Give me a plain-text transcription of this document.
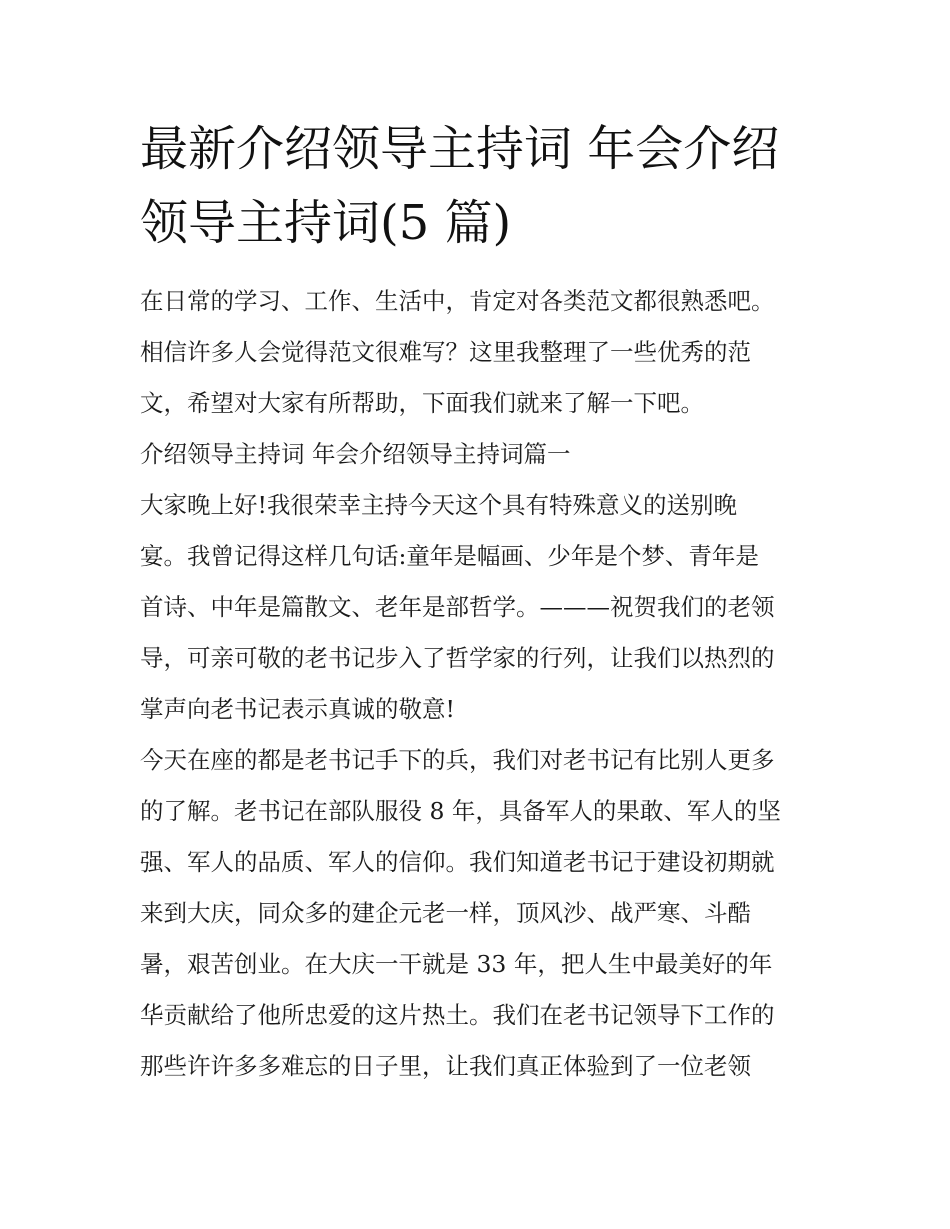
最新介绍领导主持词 年会介绍
领导主持词(5 篇)
在日常的学习、工作、生活中，肯定对各类范文都很熟悉吧。
相信许多人会觉得范文很难写？这里我整理了一些优秀的范
文，希望对大家有所帮助，下面我们就来了解一下吧。
介绍领导主持词 年会介绍领导主持词篇一
大家晚上好!我很荣幸主持今天这个具有特殊意义的送别晚
宴。我曾记得这样几句话:童年是幅画、少年是个梦、青年是
首诗、中年是篇散文、老年是部哲学。———祝贺我们的老领
导，可亲可敬的老书记步入了哲学家的行列，让我们以热烈的
掌声向老书记表示真诚的敬意!
今天在座的都是老书记手下的兵，我们对老书记有比别人更多
的了解。老书记在部队服役 8 年，具备军人的果敢、军人的坚
强、军人的品质、军人的信仰。我们知道老书记于建设初期就
来到大庆，同众多的建企元老一样，顶风沙、战严寒、斗酷
暑，艰苦创业。在大庆一干就是 33 年，把人生中最美好的年
华贡献给了他所忠爱的这片热土。我们在老书记领导下工作的
那些许许多多难忘的日子里，让我们真正体验到了一位老领
